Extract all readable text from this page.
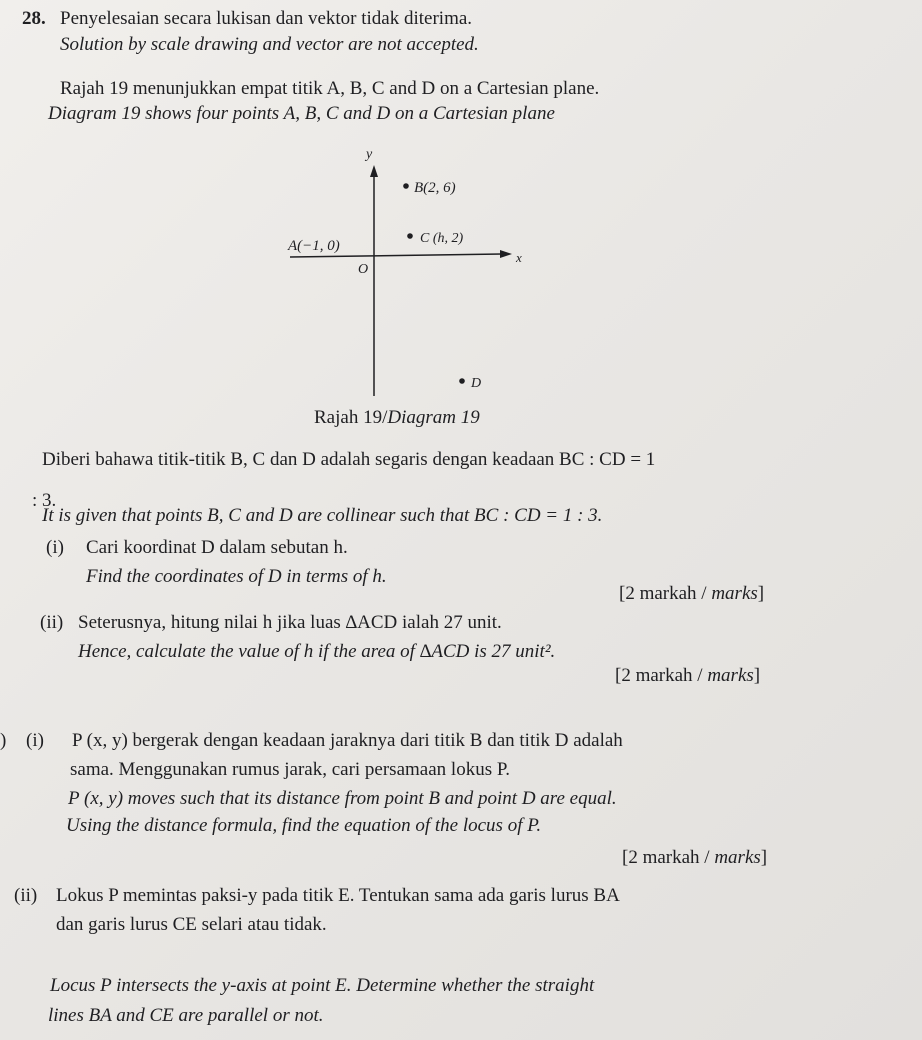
28. Penyelesaian secara lukisan dan vektor tidak diterima.
Solution by scale drawing and vector are not accepted.
Rajah 19 menunjukkan empat titik A, B, C and D on a Cartesian plane.
Diagram 19 shows four points A, B, C and D on a Cartesian plane
y
x
O
B(2, 6)
C (h, 2)
A(−1, 0)
D
Rajah 19/Diagram 19
Diberi bahawa titik-titik B, C dan D adalah segaris dengan keadaan BC : CD = 1
: 3.
It is given that points B, C and D are collinear such that BC : CD = 1 : 3.
(i) Cari koordinat D dalam sebutan h.
Find the coordinates of D in terms of h.
[2 markah / marks]
(ii) Seterusnya, hitung nilai h jika luas ∆ACD ialah 27 unit.
Hence, calculate the value of h if the area of ∆ACD is 27 unit².
[2 markah / marks]
) (i) P (x, y) bergerak dengan keadaan jaraknya dari titik B dan titik D adalah
sama. Menggunakan rumus jarak, cari persamaan lokus P.
P (x, y) moves such that its distance from point B and point D are equal.
Using the distance formula, find the equation of the locus of P.
[2 markah / marks]
(ii) Lokus P memintas paksi-y pada titik E. Tentukan sama ada garis lurus BA
dan garis lurus CE selari atau tidak.
Locus P intersects the y-axis at point E. Determine whether the straight
lines BA and CE are parallel or not.
